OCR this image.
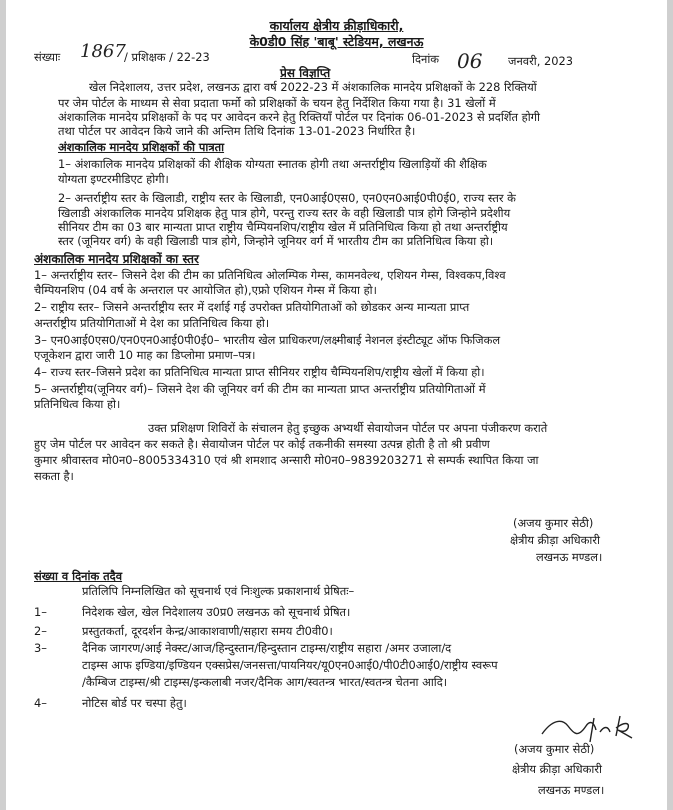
कार्यालय क्षेत्रीय क्रीड़ाधिकारी,
के0डी0 सिंह 'बाबू' स्टेडियम, लखनऊ
संख्याः 1867
/ प्रशिक्षक / 22-23	दिनांक 06 जनवरी, 2023
प्रेस विज्ञप्ति
खेल निदेशालय, उत्तर प्रदेश, लखनऊ द्वारा वर्ष 2022-23 में अंशकालिक मानदेय प्रशिक्षकों के 228 रिक्तियों
पर जेम पोर्टल के माध्यम से सेवा प्रदाता फर्मो को प्रशिक्षकों के चयन हेतु निर्देशित किया गया है। 31 खेलों में
अंशकालिक मानदेय प्रशिक्षकों के पद पर आवेदन करने हेतु रिक्तियाँ पोर्टल पर दिनांक 06-01-2023 से प्रदर्शित होगी
तथा पोर्टल पर आवेदन किये जाने की अन्तिम तिथि दिनांक 13-01-2023 निर्धारित है।
अंशकालिक मानदेय प्रशिक्षकों की पात्रता
1– अंशकालिक मानदेय प्रशिक्षकों की शैक्षिक योग्यता स्नातक होगी तथा अन्तर्राष्ट्रीय खिलाड़ियों की शैक्षिक
योग्यता इण्टरमीडिएट होगी।
2– अन्तर्राष्ट्रीय स्तर के खिलाडी, राष्ट्रीय स्तर के खिलाडी, एन0आई0एस0, एन0एन0आई0पी0ई0, राज्य स्तर के
खिलाडी अंशकालिक मानदेय प्रशिक्षक हेतु पात्र होगे, परन्तु राज्य स्तर के वही खिलाडी पात्र होगे जिन्होने प्रदेशीय
सीनियर टीम का 03 बार मान्यता प्राप्त राष्ट्रीय चैम्पियनशिप/राष्ट्रीय खेल में प्रतिनिधित्व किया हो तथा अन्तर्राष्ट्रीय
स्तर (जूनियर वर्ग) के वही खिलाडी पात्र होगे, जिन्होने जूनियर वर्ग में भारतीय टीम का प्रतिनिधित्व किया हो।
अंशकालिक मानदेय प्रशिक्षकों का स्तर
1– अन्तर्राष्ट्रीय स्तर– जिसने देश की टीम का प्रतिनिधित्व ओलम्पिक गेम्स, कामनवेल्थ, एशियन गेम्स, विश्वकप,विश्व
चैम्पियनशिप (04 वर्ष के अन्तराल पर आयोजित हो),एफ्रो एशियन गेम्स में किया हो।
2– राष्ट्रीय स्तर– जिसने अन्तर्राष्ट्रीय स्तर में दर्शाई गई उपरोक्त प्रतियोगिताओं को छोडकर अन्य मान्यता प्राप्त
अन्तर्राष्ट्रीय प्रतियोगिताओं मे देश का प्रतिनिधित्व किया हो।
3– एन0आई0एस0/एन0एन0आई0पी0ई0– भारतीय खेल प्राधिकरण/लक्ष्मीबाई नेशनल इंस्टीट्यूट ऑफ फिजिकल
एजूकेशन द्वारा जारी 10 माह का डिप्लोमा प्रमाण–पत्र।
4– राज्य स्तर–जिसने प्रदेश का प्रतिनिधित्व मान्यता प्राप्त सीनियर राष्ट्रीय चैम्पियनशिप/राष्ट्रीय खेलों में किया हो।
5– अन्तर्राष्ट्रीय(जूनियर वर्ग)– जिसने देश की जूनियर वर्ग की टीम का मान्यता प्राप्त अन्तर्राष्ट्रीय प्रतियोगिताओं में
प्रतिनिधित्व किया हो।
उक्त प्रशिक्षण शिविरों के संचालन हेतु इच्छुक अभ्यर्थी सेवायोजन पोर्टल पर अपना पंजीकरण कराते
हुए जेम पोर्टल पर आवेदन कर सकते है। सेवायोजन पोर्टल पर कोई तकनीकी समस्या उत्पन्न होती है तो श्री प्रवीण
कुमार श्रीवास्तव मो0न0–8005334310 एवं श्री शमशाद अन्सारी मो0न0–9839203271 से सम्पर्क स्थापित किया जा
सकता है।
(अजय कुमार सेठी)
क्षेत्रीय क्रीड़ा अधिकारी
लखनऊ मण्डल।
संख्या व दिनांक तदैव
प्रतिलिपि निम्नलिखित को सूचनार्थ एवं निःशुल्क प्रकाशनार्थ प्रेषितः–
1–	निदेशक खेल, खेल निदेशालय उ0प्र0 लखनऊ को सूचनार्थ प्रेषित।
2–	प्रस्तुतकर्ता, दूरदर्शन केन्द्र/आकाशवाणी/सहारा समय टी0वी0।
3–	दैनिक जागरण/आई नेक्स्ट/आज/हिन्दुस्तान/हिन्दुस्तान टाइम्स/राष्ट्रीय सहारा /अमर उजाला/द
टाइम्स आफ इण्डिया/इण्डियन एक्सप्रेस/जनसत्ता/पायनियर/यू0एन0आई0/पी0टी0आई0/राष्ट्रीय स्वरूप
/कैम्बिज टाइम्स/श्री टाइम्स/इन्कलाबी नजर/दैनिक आग/स्वतन्त्र भारत/स्वतन्त्र चेतना आदि।
4–	नोटिस बोर्ड पर चस्पा हेतु।
(अजय कुमार सेठी)
क्षेत्रीय क्रीड़ा अधिकारी
लखनऊ मण्डल।
